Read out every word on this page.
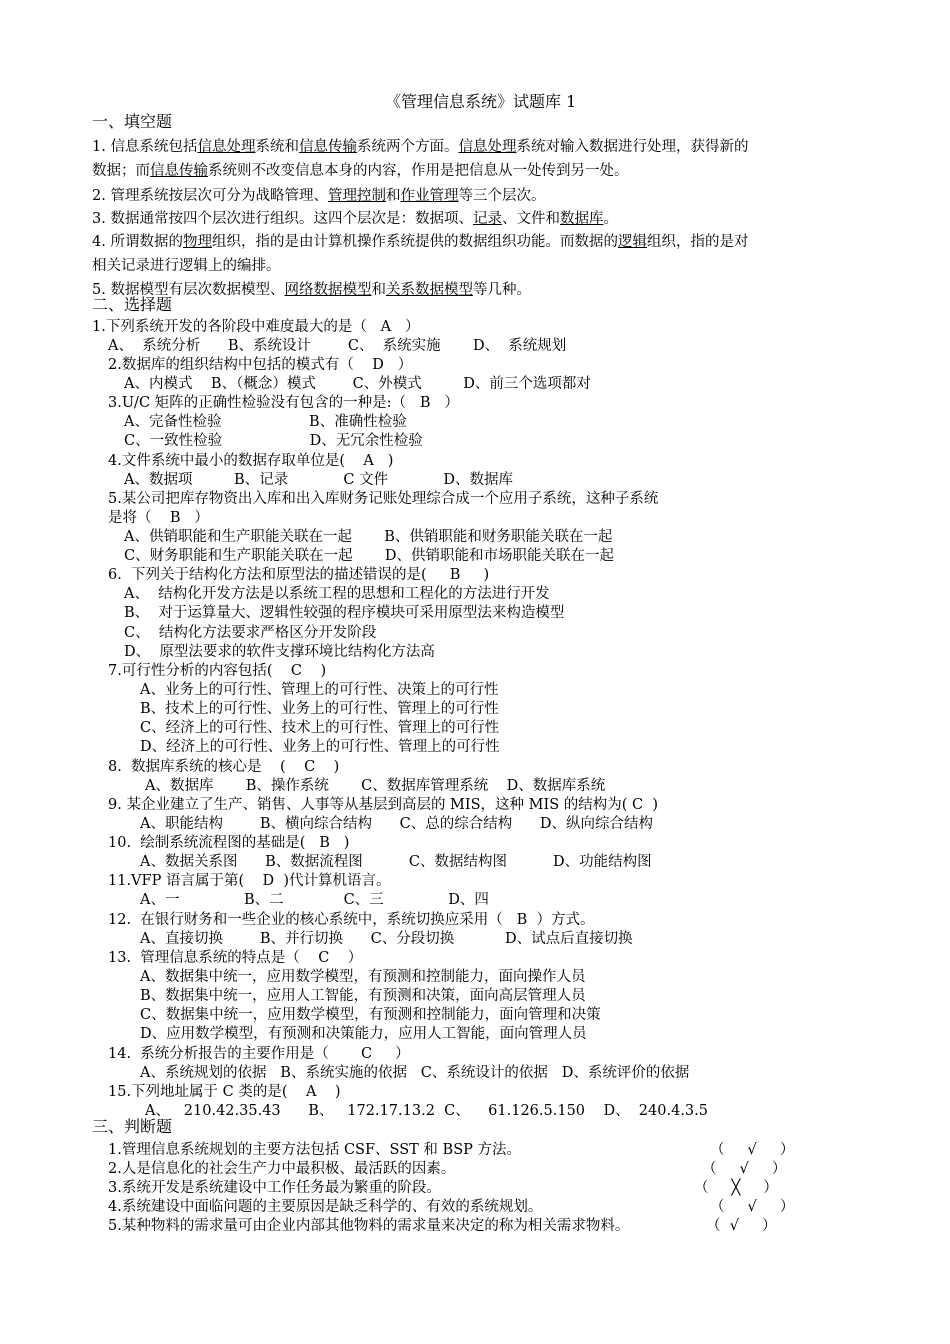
《管理信息系统》试题库 1
一、填空题
1. 信息系统包括信息处理系统和信息传输系统两个方面。信息处理系统对输入数据进行处理，获得新的
数据；而信息传输系统则不改变信息本身的内容，作用是把信息从一处传到另一处。
2. 管理系统按层次可分为战略管理、管理控制和作业管理等三个层次。
3. 数据通常按四个层次进行组织。这四个层次是：数据项、记录、文件和数据库。
4. 所谓数据的物理组织，指的是由计算机操作系统提供的数据组织功能。而数据的逻辑组织，指的是对
相关记录进行逻辑上的编排。
5. 数据模型有层次数据模型、网络数据模型和关系数据模型等几种。
二、选择题
1.下列系统开发的各阶段中难度最大的是（   A   ）
A、  系统分析      B、系统设计        C、  系统实施       D、  系统规划
2.数据库的组织结构中包括的模式有（    D   ）
A、内模式    B、（概念）模式        C、外模式         D、前三个选项都对
3.U/C 矩阵的正确性检验没有包含的一种是:（   B   ）
A、完备性检验                   B、准确性检验
C、一致性检验                   D、无冗余性检验
4.文件系统中最小的数据存取单位是(    A   )
A、数据项         B、记录            C 文件            D、数据库
5.某公司把库存物资出入库和出入库财务记账处理综合成一个应用子系统，这种子系统
是将（    B   ）
A、供销职能和生产职能关联在一起       B、供销职能和财务职能关联在一起
C、财务职能和生产职能关联在一起       D、供销职能和市场职能关联在一起
6.  下列关于结构化方法和原型法的描述错误的是(     B     )
A、  结构化开发方法是以系统工程的思想和工程化的方法进行开发
B、  对于运算量大、逻辑性较强的程序模块可采用原型法来构造模型
C、  结构化方法要求严格区分开发阶段
D、  原型法要求的软件支撑环境比结构化方法高
7.可行性分析的内容包括(    C    )
A、业务上的可行性、管理上的可行性、决策上的可行性
B、技术上的可行性、业务上的可行性、管理上的可行性
C、经济上的可行性、技术上的可行性、管理上的可行性
D、经济上的可行性、业务上的可行性、管理上的可行性
8.  数据库系统的核心是    (    C    )
A、数据库       B、操作系统       C、数据库管理系统    D、数据库系统
9. 某企业建立了生产、销售、人事等从基层到高层的 MIS，这种 MIS 的结构为( C  )
A、职能结构        B、横向综合结构      C、总的综合结构      D、纵向综合结构
10.  绘制系统流程图的基础是(   B   )
A、数据关系图      B、数据流程图          C、数据结构图          D、功能结构图
11.VFP 语言属于第(    D  )代计算机语言。
A、一              B、二             C、三              D、四
12.  在银行财务和一些企业的核心系统中，系统切换应采用（   B  ）方式。
A、直接切换        B、并行切换      C、分段切换           D、试点后直接切换
13.  管理信息系统的特点是（    C    ）
A、数据集中统一，应用数学模型，有预测和控制能力，面向操作人员
B、数据集中统一，应用人工智能，有预测和决策，面向高层管理人员
C、数据集中统一，应用数学模型，有预测和控制能力，面向管理和决策
D、应用数学模型，有预测和决策能力，应用人工智能，面向管理人员
14.  系统分析报告的主要作用是（       C     ）
A、系统规划的依据   B、系统实施的依据   C、系统设计的依据   D、系统评价的依据
15.下列地址属于 C 类的是(    A    )
A、   210.42.35.43      B、   172.17.13.2  C、    61.126.5.150    D、  240.4.3.5
三、判断题
1.管理信息系统规划的主要方法包括 CSF、SST 和 BSP 方法。	（     √     ）
2.人是信息化的社会生产力中最积极、最活跃的因素。	（     √     ）
3.系统开发是系统建设中工作任务最为繁重的阶段。	（     ╳     ）
4.系统建设中面临问题的主要原因是缺乏科学的、有效的系统规划。	（     √     ）
5.某种物料的需求量可由企业内部其他物料的需求量来决定的称为相关需求物料。	（  √     ）
